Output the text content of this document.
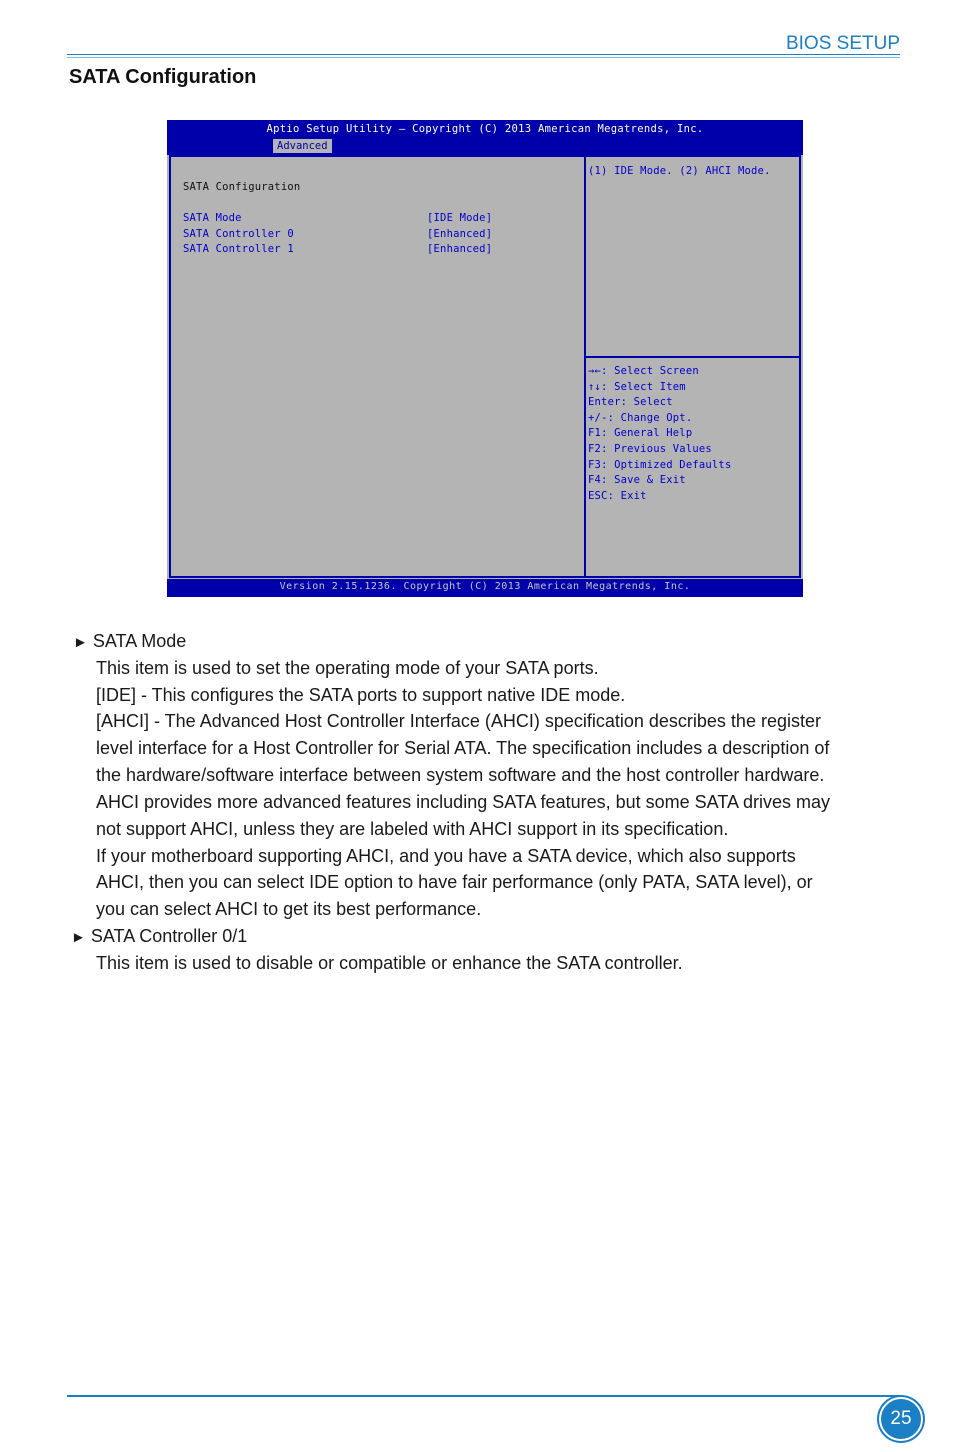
BIOS SETUP
SATA Configuration
Aptio Setup Utility – Copyright (C) 2013 American Megatrends, Inc.
Advanced
SATA Configuration
SATA Mode	[IDE Mode]
SATA Controller 0	[Enhanced]
SATA Controller 1	[Enhanced]
(1) IDE Mode. (2) AHCI Mode.
→←: Select Screen
↑↓: Select Item
Enter: Select
+/-: Change Opt.
F1: General Help
F2: Previous Values
F3: Optimized Defaults
F4: Save & Exit
ESC: Exit
Version 2.15.1236. Copyright (C) 2013 American Megatrends, Inc.
► SATA Mode
This item is used to set the operating mode of your SATA ports.
[IDE] - This configures the SATA ports to support native IDE mode.
[AHCI] - The Advanced Host Controller Interface (AHCI) specification describes the register
level interface for a Host Controller for Serial ATA. The specification includes a description of
the hardware/software interface between system software and the host controller hardware.
AHCI provides more advanced features including SATA features, but some SATA drives may
not support AHCI, unless they are labeled with AHCI support in its specification.
If your motherboard supporting AHCI, and you have a SATA device, which also supports
AHCI, then you can select IDE option to have fair performance (only PATA, SATA level), or
you can select AHCI to get its best performance.
► SATA Controller 0/1
This item is used to disable or compatible or enhance the SATA controller.
25
